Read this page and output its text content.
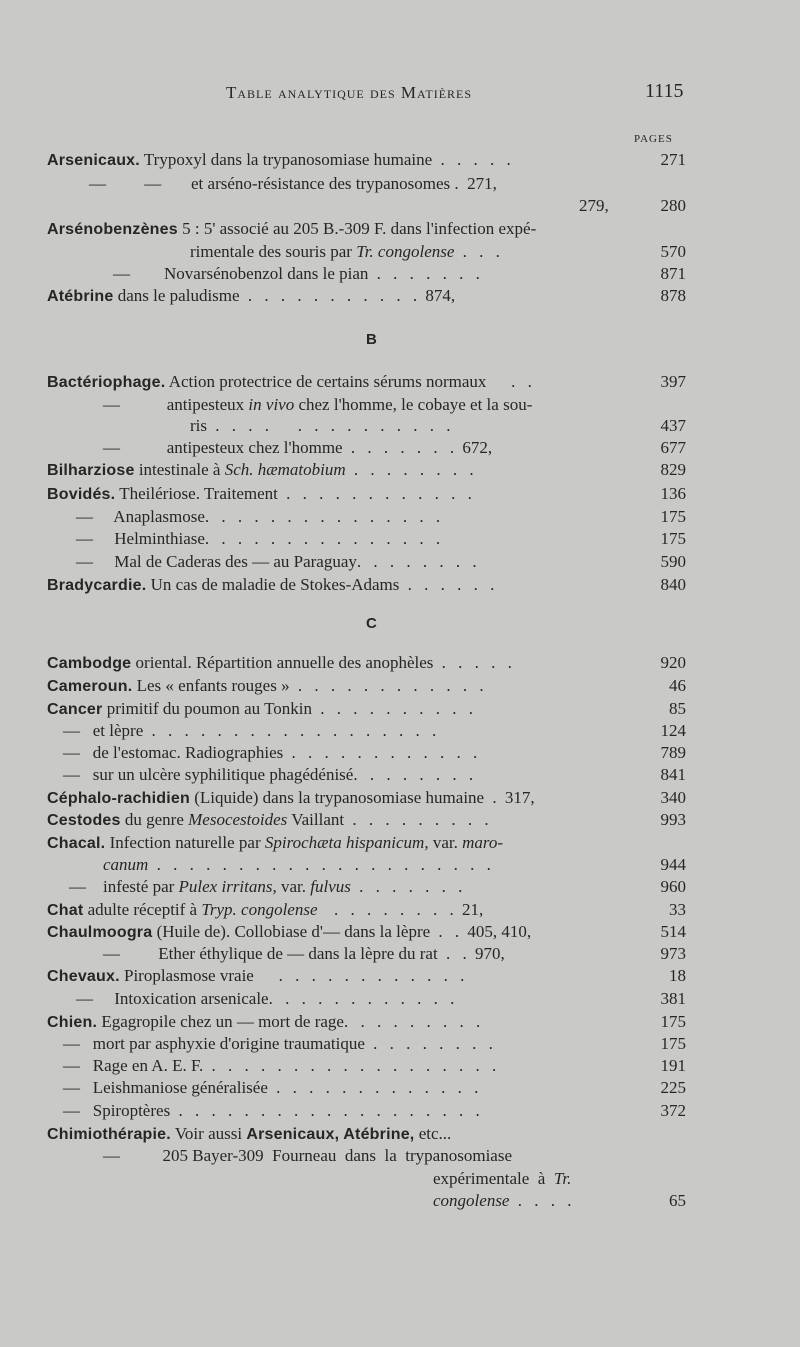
Table analytique des Matières	1115
PAGES
Arsenicaux. Trypoxyl dans la trypanosomiase humaine . . . . .	271
—         —       et arséno-résistance des trypanosomes .  271,
279,	280
Arsénobenzènes 5 : 5' associé au 205 B.-309 F. dans l'infection expé-
rimentale des souris par Tr. congolense . . .	570
—        Novarsénobenzol dans le pian . . . . . . .	871
Atébrine dans le paludisme . . . . . . . . . . . 874,	878
B
Bactériophage. Action protectrice de certains sérums normaux   . .	397
—           antipesteux in vivo chez l'homme, le cobaye et la sou-
ris . . . .   . . . . . . . . . .	437
—           antipesteux chez l'homme . . . . . . . 672,	677
Bilharziose intestinale à Sch. hæmatobium . . . . . . . .	829
Bovidés. Theilériose. Traitement . . . . . . . . . . . .	136
—     Anaplasmose. . . . . . . . . . . . . . .	175
—     Helminthiase. . . . . . . . . . . . . . .	175
—     Mal de Caderas des — au Paraguay. . . . . . . .	590
Bradycardie. Un cas de maladie de Stokes-Adams . . . . . .	840
C
Cambodge oriental. Répartition annuelle des anophèles . . . . .	920
Cameroun. Les « enfants rouges » . . . . . . . . . . . .	46
Cancer primitif du poumon au Tonkin . . . . . . . . . .	85
—   et lèpre . . . . . . . . . . . . . . . . . .	124
—   de l'estomac. Radiographies . . . . . . . . . . . .	789
—   sur un ulcère syphilitique phagédénisé. . . . . . . .	841
Céphalo-rachidien (Liquide) dans la trypanosomiase humaine . 317,	340
Cestodes du genre Mesocestoides Vaillant . . . . . . . . .	993
Chacal. Infection naturelle par Spirochæta hispanicum, var. maro-
canum . . . . . . . . . . . . . . . . . . . . .	944
—    infesté par Pulex irritans, var. fulvus . . . . . . .	960
Chat adulte réceptif à Tryp. congolense  . . . . . . . . 21,	33
Chaulmoogra (Huile de). Collobiase d'— dans la lèpre . . 405, 410,	514
—         Ether éthylique de — dans la lèpre du rat . . 970,	973
Chevaux. Piroplasmose vraie   . . . . . . . . . . . .	18
—     Intoxication arsenicale. . . . . . . . . . . .	381
Chien. Egagropile chez un — mort de rage. . . . . . . . .	175
—   mort par asphyxie d'origine traumatique . . . . . . . .	175
—   Rage en A. E. F. . . . . . . . . . . . . . . . . . .	191
—   Leishmaniose généralisée . . . . . . . . . . . . .	225
—   Spiroptères . . . . . . . . . . . . . . . . . . .	372
Chimiothérapie. Voir aussi Arsenicaux, Atébrine, etc...
—          205 Bayer-309  Fourneau  dans  la  trypanosomiase
expérimentale  à  Tr.
congolense . . . .	65
